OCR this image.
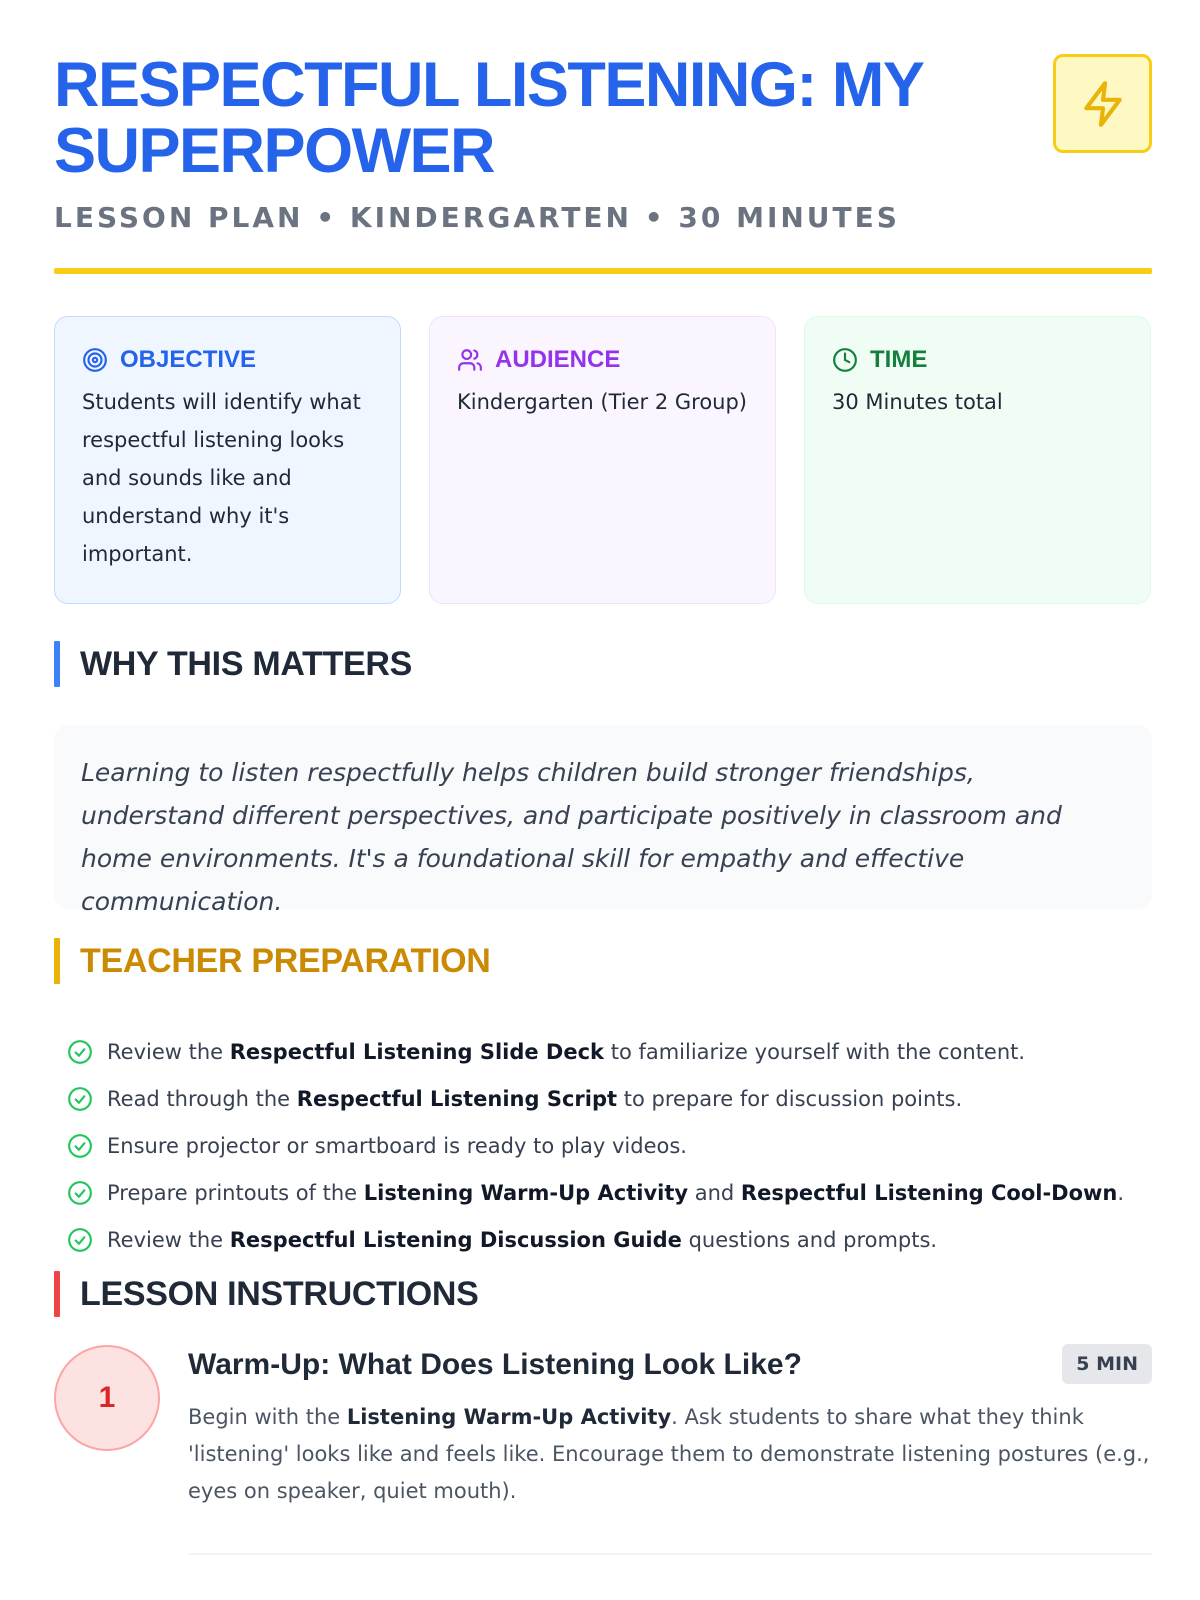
RESPECTFUL LISTENING: MY SUPERPOWER
LESSON PLAN • KINDERGARTEN • 30 MINUTES
OBJECTIVE

Students will identify what respectful listening looks and sounds like and understand why it's important.

AUDIENCE

Kindergarten (Tier 2 Group)

TIME

30 Minutes total

WHY THIS MATTERS

Learning to listen respectfully helps children build stronger friendships, understand different perspectives, and participate positively in classroom and home environments. It's a foundational skill for empathy and effective communication.

TEACHER PREPARATION
Review the Respectful Listening Slide Deck to familiarize yourself with the content.
Read through the Respectful Listening Script to prepare for discussion points.
Ensure projector or smartboard is ready to play videos.
Prepare printouts of the Listening Warm-Up Activity and Respectful Listening Cool-Down.
Review the Respectful Listening Discussion Guide questions and prompts.
LESSON INSTRUCTIONS
1
Warm-Up: What Does Listening Look Like?	5 MIN

Begin with the Listening Warm-Up Activity. Ask students to share what they think 'listening' looks like and feels like. Encourage them to demonstrate listening postures (e.g., eyes on speaker, quiet mouth).
